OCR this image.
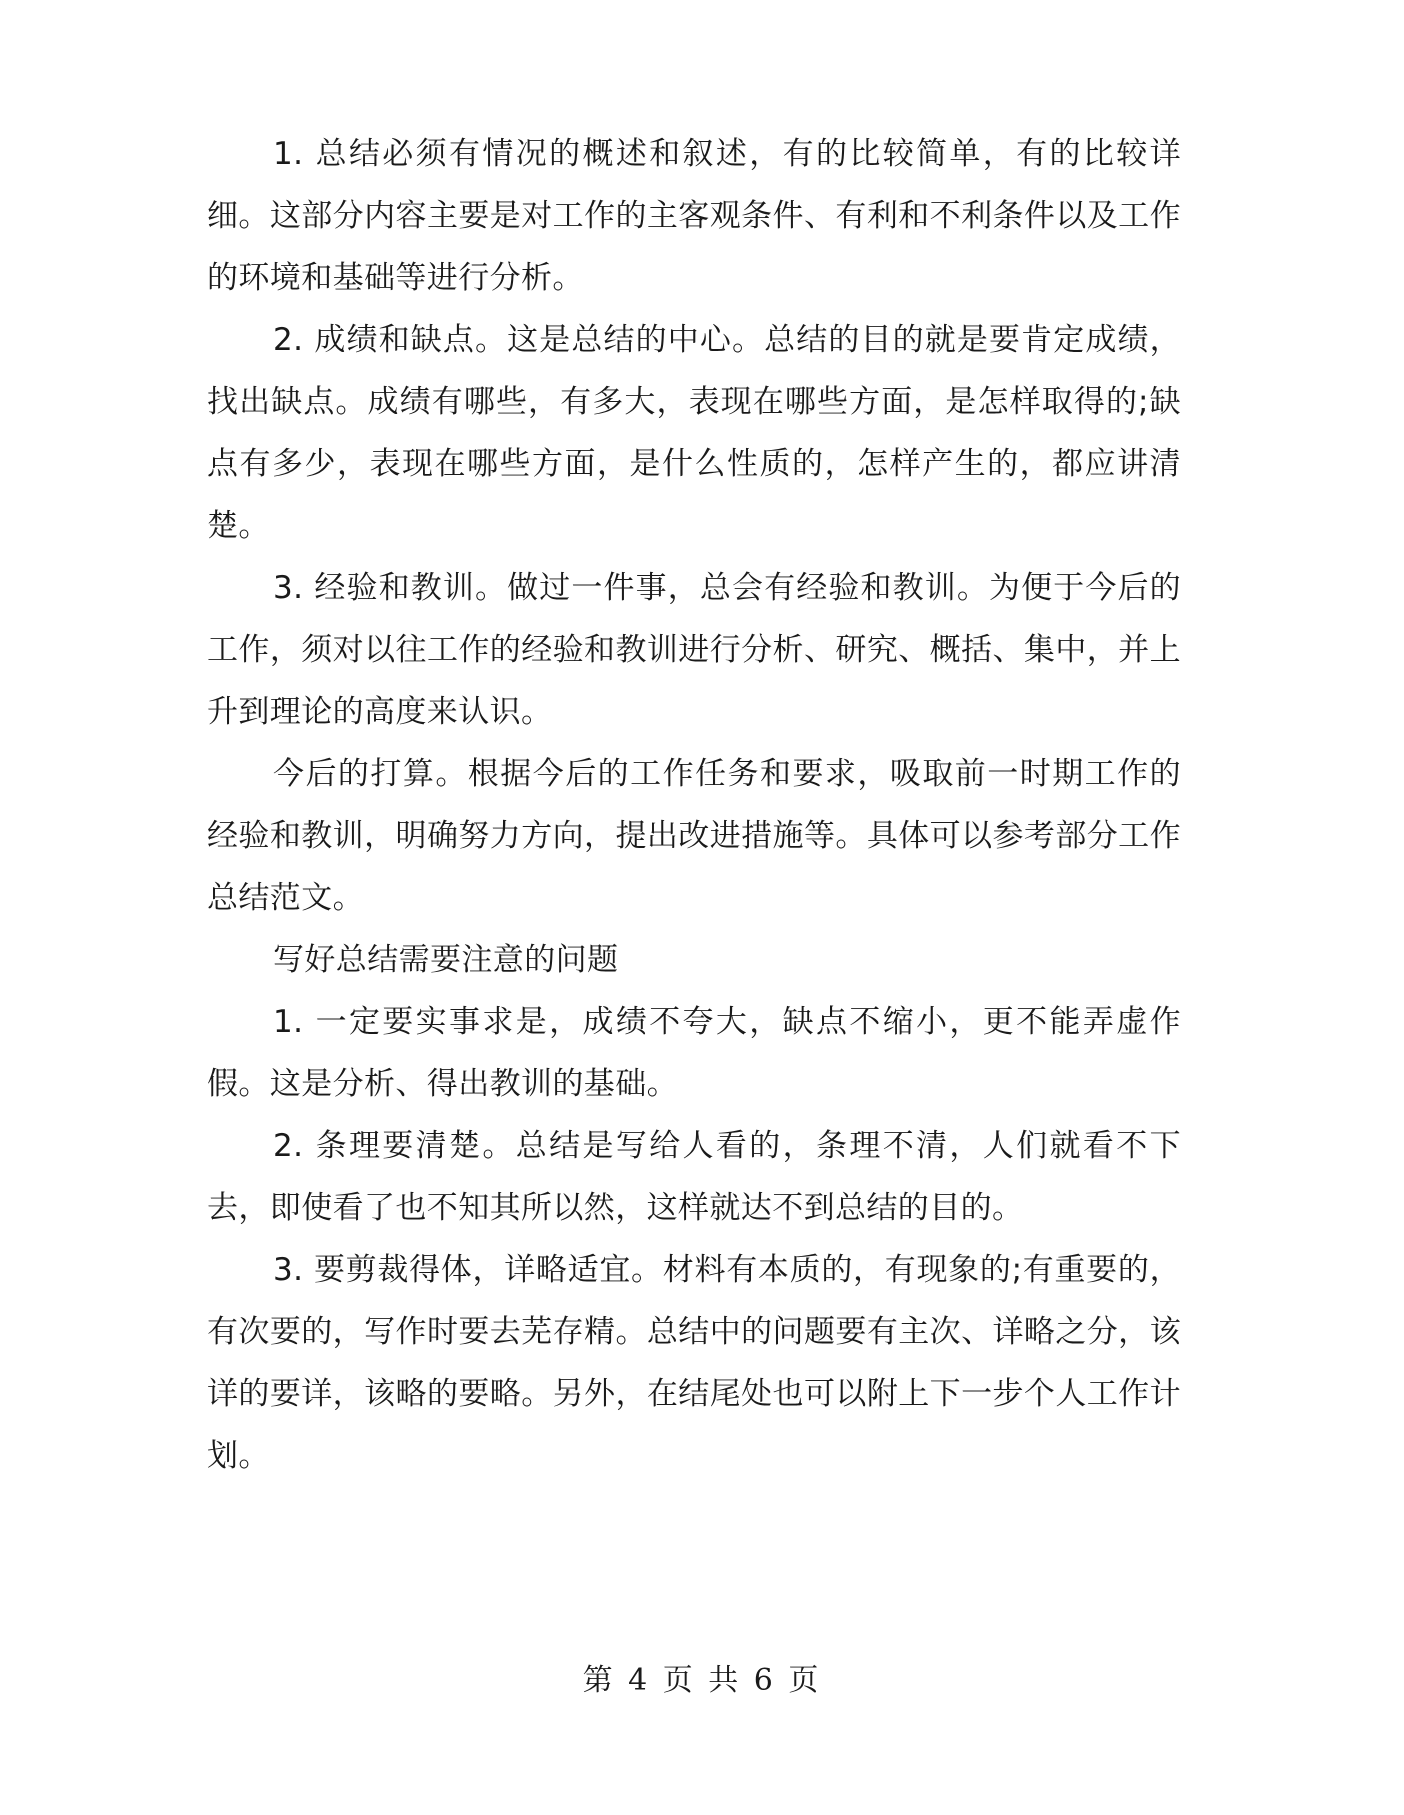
1. 总结必须有情况的概述和叙述，有的比较简单，有的比较详细。这部分内容主要是对工作的主客观条件、有利和不利条件以及工作的环境和基础等进行分析。

2. 成绩和缺点。这是总结的中心。总结的目的就是要肯定成绩，找出缺点。成绩有哪些，有多大，表现在哪些方面，是怎样取得的;缺点有多少，表现在哪些方面，是什么性质的，怎样产生的，都应讲清楚。

3. 经验和教训。做过一件事，总会有经验和教训。为便于今后的工作，须对以往工作的经验和教训进行分析、研究、概括、集中，并上升到理论的高度来认识。

今后的打算。根据今后的工作任务和要求，吸取前一时期工作的经验和教训，明确努力方向，提出改进措施等。具体可以参考部分工作总结范文。

写好总结需要注意的问题

1. 一定要实事求是，成绩不夸大，缺点不缩小，更不能弄虚作假。这是分析、得出教训的基础。

2. 条理要清楚。总结是写给人看的，条理不清，人们就看不下去，即使看了也不知其所以然，这样就达不到总结的目的。

3. 要剪裁得体，详略适宜。材料有本质的，有现象的;有重要的，有次要的，写作时要去芜存精。总结中的问题要有主次、详略之分，该详的要详，该略的要略。另外，在结尾处也可以附上下一步个人工作计划。

第 4 页 共 6 页
